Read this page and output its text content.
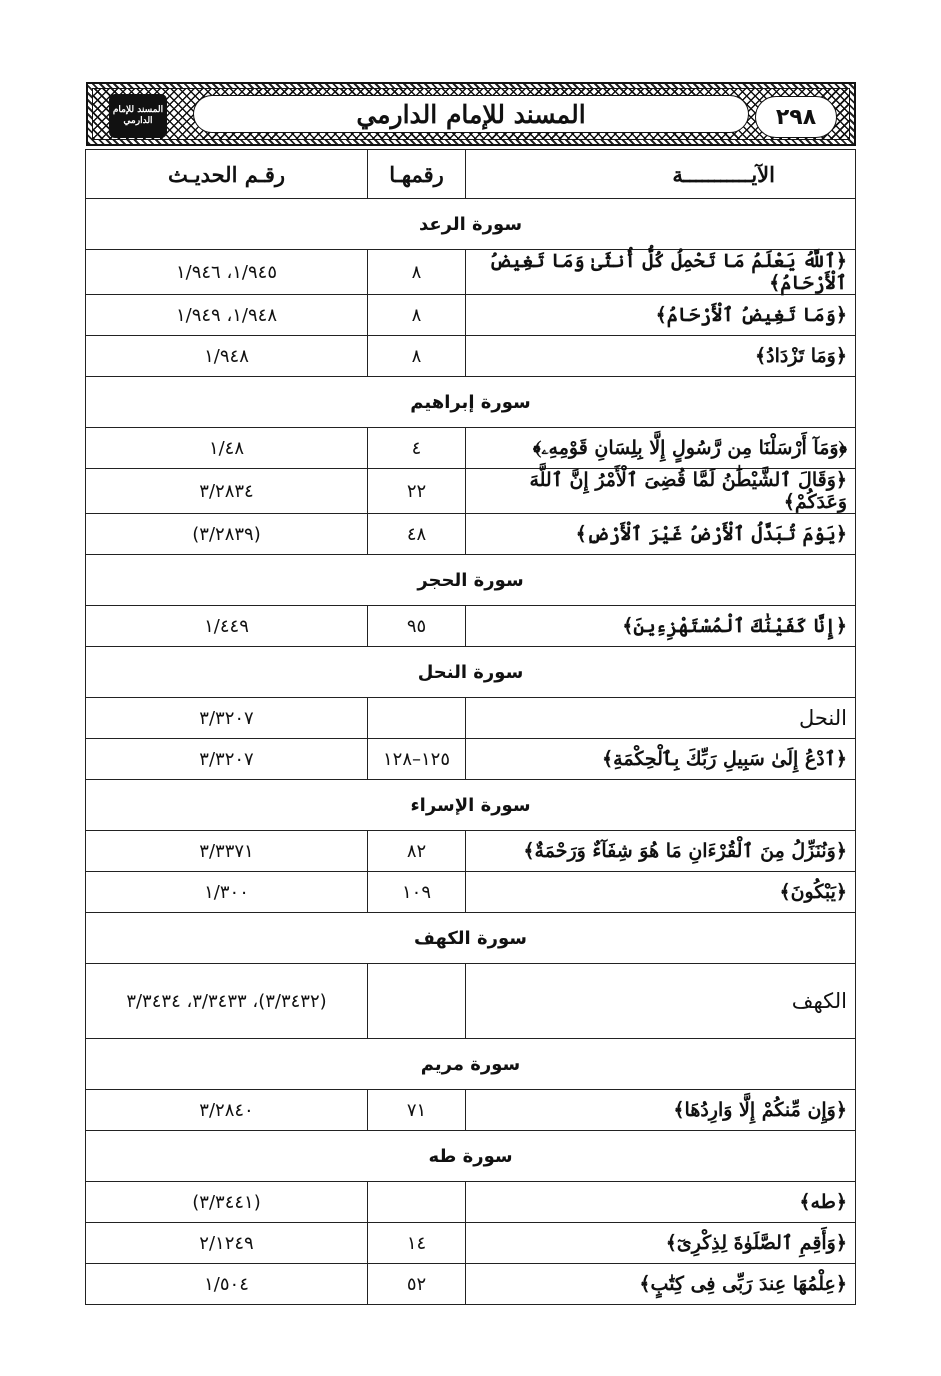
٢٩٨
المسند للإمام الدارمي
المسند للإمام الدارمي
الآيـــــــــــة	رقمهـا	رقـم الحديـث
سورة الرعد		
﴿ٱللَّهُ يَعْلَمُ مَا تَحْمِلُ كُلُّ أُنثَىٰ وَمَا تَغِيضُ ٱلْأَرْحَامُ﴾	٨	١/٩٤٥، ١/٩٤٦
﴿وَمَا تَغِيضُ ٱلْأَرْحَامُ﴾	٨	١/٩٤٨، ١/٩٤٩
﴿وَمَا تَزْدَادُ﴾	٨	١/٩٤٨
سورة إبراهيم		
﴿وَمَآ أَرْسَلْنَا مِن رَّسُولٍ إِلَّا بِلِسَانِ قَوْمِهِۦ﴾	٤	١/٤٨
﴿وَقَالَ ٱلشَّيْطَٰنُ لَمَّا قُضِىَ ٱلْأَمْرُ إِنَّ ٱللَّهَ وَعَدَكُمْ﴾	٢٢	٣/٢٨٣٤
﴿يَوْمَ تُبَدَّلُ ٱلْأَرْضُ غَيْرَ ٱلْأَرْضِ﴾	٤٨	(٣/٢٨٣٩)
سورة الحجر		
﴿إِنَّا كَفَيْنَٰكَ ٱلْمُسْتَهْزِءِينَ﴾	٩٥	١/٤٤٩
سورة النحل		
النحل		٣/٣٢٠٧
﴿ٱدْعُ إِلَىٰ سَبِيلِ رَبِّكَ بِٱلْحِكْمَةِ﴾	١٢٥–١٢٨	٣/٣٢٠٧
سورة الإسراء		
﴿وَنُنَزِّلُ مِنَ ٱلْقُرْءَانِ مَا هُوَ شِفَآءٌ وَرَحْمَةٌ﴾	٨٢	٣/٣٣٧١
﴿يَبْكُونَ﴾	١٠٩	١/٣٠٠
سورة الكهف		
الكهف		(٣/٣٤٣٢)، ٣/٣٤٣٣، ٣/٣٤٣٤
سورة مريم		
﴿وَإِن مِّنكُمْ إِلَّا وَارِدُهَا﴾	٧١	٣/٢٨٤٠
سورة طه		
﴿طه﴾		(٣/٣٤٤١)
﴿وَأَقِمِ ٱلصَّلَوٰةَ لِذِكْرِىٓ﴾	١٤	٢/١٢٤٩
﴿عِلْمُهَا عِندَ رَبِّى فِى كِتَٰبٍ﴾	٥٢	١/٥٠٤
